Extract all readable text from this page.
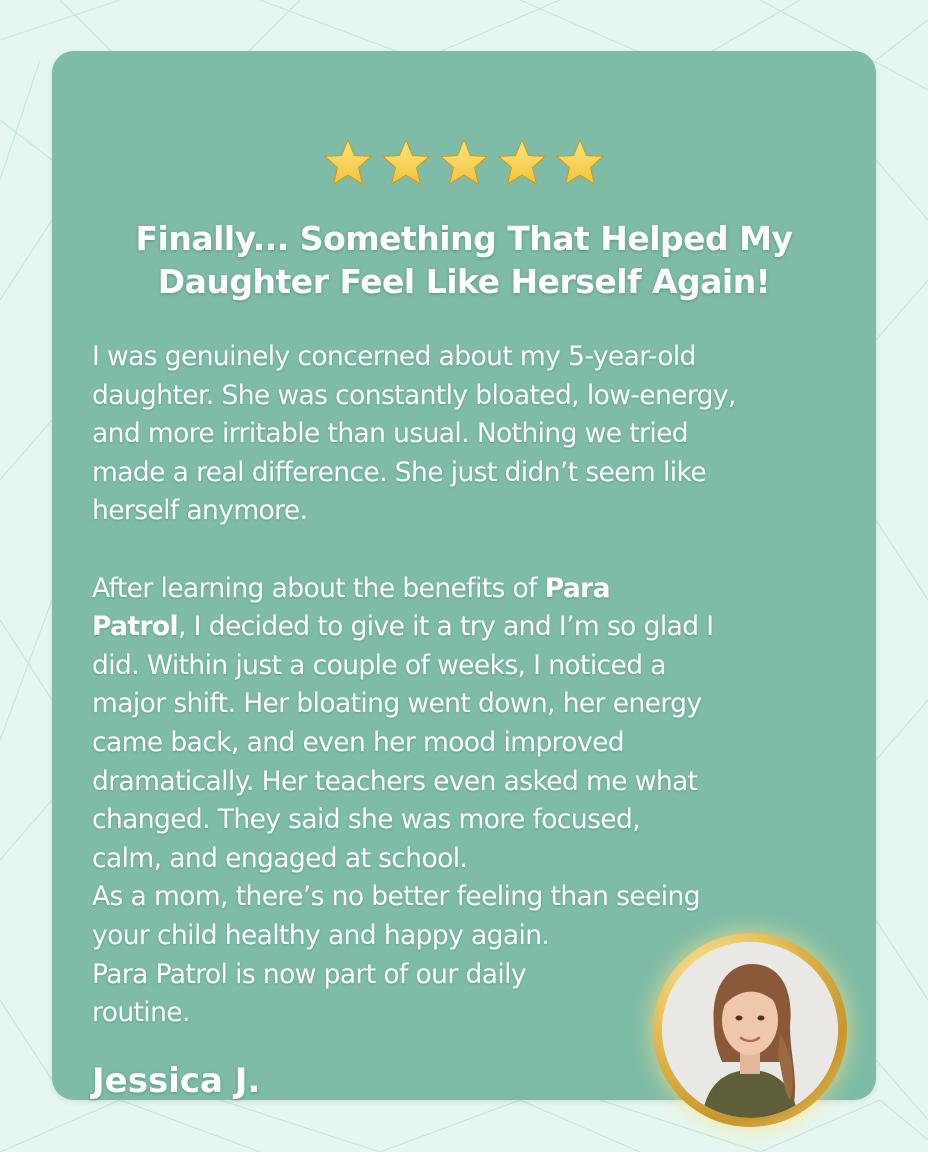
Finally... Something That Helped My
Daughter Feel Like Herself Again!

I was genuinely concerned about my 5-year-old

daughter. She was constantly bloated, low-energy,

and more irritable than usual. Nothing we tried

made a real difference. She just didn’t seem like

herself anymore.

After learning about the benefits of Para

Patrol, I decided to give it a try and I’m so glad I

did. Within just a couple of weeks, I noticed a

major shift. Her bloating went down, her energy

came back, and even her mood improved

dramatically. Her teachers even asked me what

changed. They said she was more focused,

calm, and engaged at school.

As a mom, there’s no better feeling than seeing

your child healthy and happy again.

Para Patrol is now part of our daily

routine.

Jessica J.
